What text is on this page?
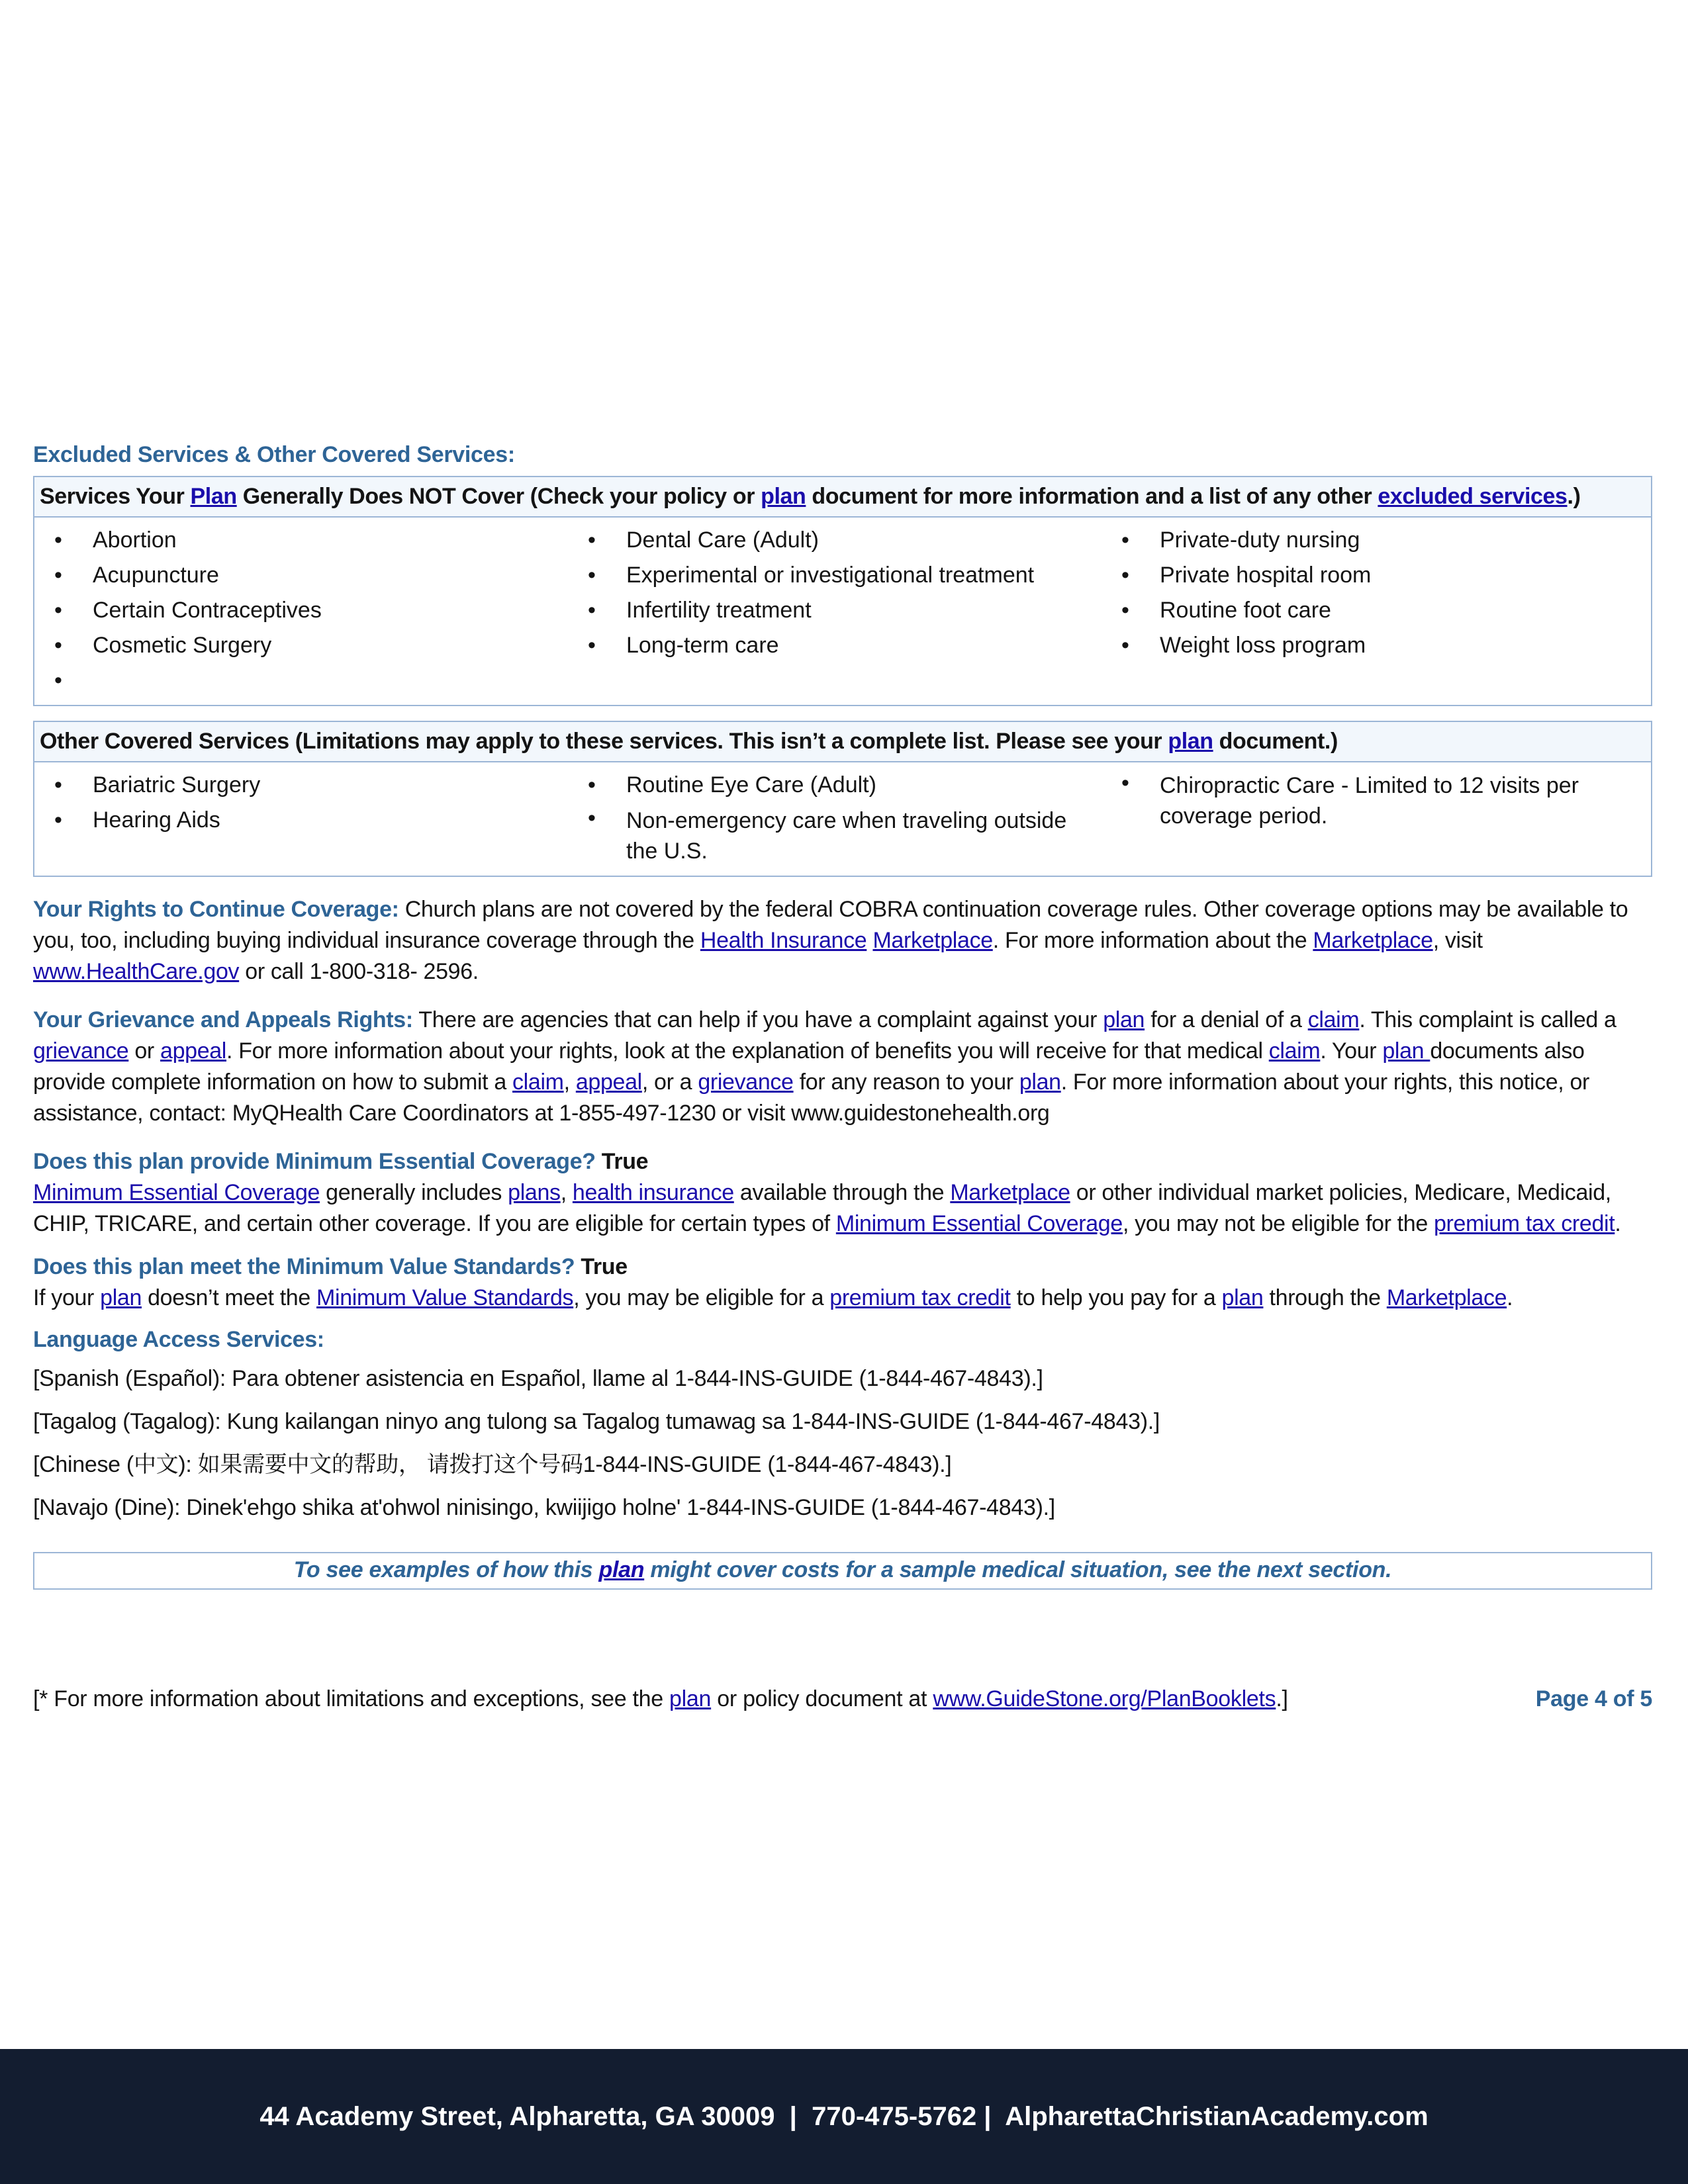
Excluded Services & Other Covered Services:
Services Your Plan Generally Does NOT Cover (Check your policy or plan document for more information and a list of any other excluded services.)
• Abortion
• Acupuncture
• Certain Contraceptives
• Cosmetic Surgery
•
• Dental Care (Adult)
• Experimental or investigational treatment
• Infertility treatment
• Long-term care
• Private-duty nursing
• Private hospital room
• Routine foot care
• Weight loss program
Other Covered Services (Limitations may apply to these services. This isn’t a complete list. Please see your plan document.)
• Bariatric Surgery
• Hearing Aids
• Routine Eye Care (Adult)
• Non-emergency care when traveling outside the U.S.
• Chiropractic Care - Limited to 12 visits per coverage period.
Your Rights to Continue Coverage: Church plans are not covered by the federal COBRA continuation coverage rules. Other coverage options may be available to you, too, including buying individual insurance coverage through the Health Insurance Marketplace. For more information about the Marketplace, visit www.HealthCare.gov or call 1-800-318- 2596.
Your Grievance and Appeals Rights: There are agencies that can help if you have a complaint against your plan for a denial of a claim. This complaint is called a grievance or appeal. For more information about your rights, look at the explanation of benefits you will receive for that medical claim. Your plan documents also provide complete information on how to submit a claim, appeal, or a grievance for any reason to your plan. For more information about your rights, this notice, or assistance, contact: MyQHealth Care Coordinators at 1-855-497-1230 or visit www.guidestonehealth.org
Does this plan provide Minimum Essential Coverage? True
Minimum Essential Coverage generally includes plans, health insurance available through the Marketplace or other individual market policies, Medicare, Medicaid, CHIP, TRICARE, and certain other coverage. If you are eligible for certain types of Minimum Essential Coverage, you may not be eligible for the premium tax credit.
Does this plan meet the Minimum Value Standards? True
If your plan doesn’t meet the Minimum Value Standards, you may be eligible for a premium tax credit to help you pay for a plan through the Marketplace.
Language Access Services:
[Spanish (Español): Para obtener asistencia en Español, llame al 1-844-INS-GUIDE (1-844-467-4843).]
[Tagalog (Tagalog): Kung kailangan ninyo ang tulong sa Tagalog tumawag sa 1-844-INS-GUIDE (1-844-467-4843).]
[Chinese (中文): 如果需要中文的帮助， 请拨打这个号码1-844-INS-GUIDE (1-844-467-4843).]
[Navajo (Dine): Dinek'ehgo shika at'ohwol ninisingo, kwiijigo holne' 1-844-INS-GUIDE (1-844-467-4843).]
To see examples of how this plan might cover costs for a sample medical situation, see the next section.
[* For more information about limitations and exceptions, see the plan or policy document at www.GuideStone.org/PlanBooklets.]	Page 4 of 5
44 Academy Street, Alpharetta, GA 30009  |  770-475-5762 |  AlpharettaChristianAcademy.com
